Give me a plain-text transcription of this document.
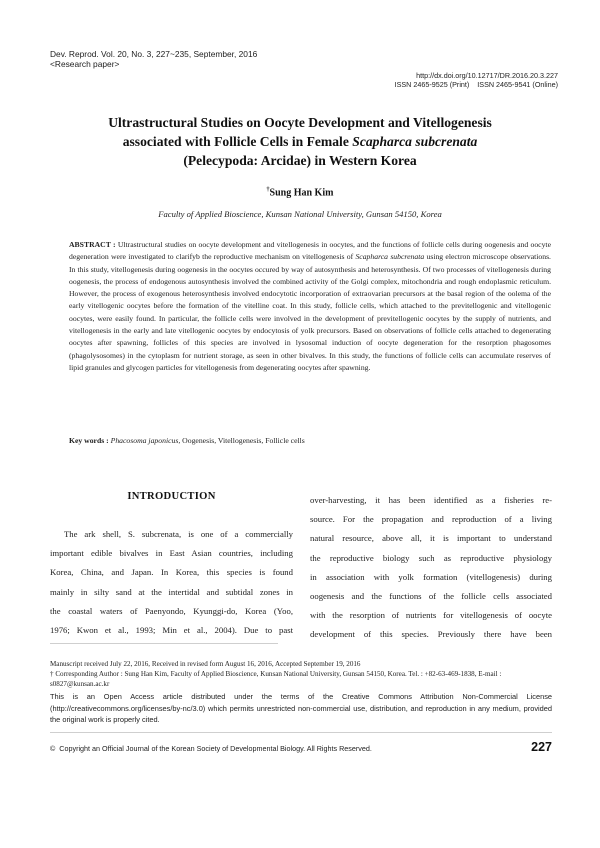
Dev. Reprod. Vol. 20, No. 3, 227~235, September, 2016
<Research paper>
http://dx.doi.org/10.12717/DR.2016.20.3.227
ISSN 2465-9525 (Print)    ISSN 2465-9541 (Online)
Ultrastructural Studies on Oocyte Development and Vitellogenesis
associated with Follicle Cells in Female Scapharca subcrenata
(Pelecypoda: Arcidae) in Western Korea
†Sung Han Kim
Faculty of Applied Bioscience, Kunsan National University, Gunsan 54150, Korea
ABSTRACT : Ultrastructural studies on oocyte development and vitellogenesis in oocytes, and the functions of follicle cells during oogenesis and oocyte degeneration were investigated to clarifyb the reproductive mechanism on vitellogenesis of Scapharca subcrenata using electron microscope observations. In this study, vitellogenesis during oogenesis in the oocytes occured by way of autosynthesis and heterosynthesis. Of two processes of vitellogenesis during oogenesis, the process of endogenous autosynthesis involved the combined activity of the Golgi complex, mitochondria and rough endoplasmic reticulum. However, the process of exogenous heterosynthesis involved endocytotic incorporation of extraovarian precursors at the basal region of the oolema of the early vitellogenic oocytes before the formation of the vitelline coat. In this study, follicle cells, which attached to the previtellogenic and vitellogenic oocytes, were easily found. In particular, the follicle cells were involved in the development of previtellogenic oocytes by the supply of nutrients, and vitellogenesis in the early and late vitellogenic oocytes by endocytosis of yolk precursors. Based on observations of follicle cells attached to degenerating oocytes after spawning, follicles of this species are involved in lysosomal induction of oocyte degeneration for the resorption phagosomes (phagolysosomes) in the cytoplasm for nutrient storage, as seen in other bivalves. In this study, the functions of follicle cells can accumulate reserves of lipid granules and glycogen particles for vitellogenesis from degenerating oocytes after spawning.
Key words : Phacosoma japonicus, Oogenesis, Vitellogenesis, Follicle cells
INTRODUCTION
The ark shell, S. subcrenata, is one of a commercially
important edible bivalves in East Asian countries, including
Korea, China, and Japan. In Korea, this species is found
mainly in silty sand at the intertidal and subtidal zones in
the coastal waters of Paenyondo, Kyunggi-do, Korea (Yoo,
1976; Kwon et al., 1993; Min et al., 2004). Due to past
over-harvesting, it has been identified as a fisheries re-
source. For the propagation and reproduction of a living
natural resource, above all, it is important to understand
the reproductive biology such as reproductive physiology
in association with yolk formation (vitellogenesis) during
oogenesis and the functions of the follicle cells associated
with the resorption of nutrients for vitellogenesis of oocyte
development of this species. Previously there have been
Manuscript received July 22, 2016, Received in revised form August 16, 2016, Accepted September 19, 2016
† Corresponding Author : Sung Han Kim, Faculty of Applied Bioscience, Kunsan National University, Gunsan 54150, Korea. Tel. : +82-63-469-1838, E-mail : s0827@kunsan.ac.kr
This is an Open Access article distributed under the terms of the Creative Commons Attribution Non-Commercial License (http://creativecommons.org/licenses/by-nc/3.0) which permits unrestricted non-commercial use, distribution, and reproduction in any medium, provided the original work is properly cited.
©  Copyright an Official Journal of the Korean Society of Developmental Biology. All Rights Reserved.	227
